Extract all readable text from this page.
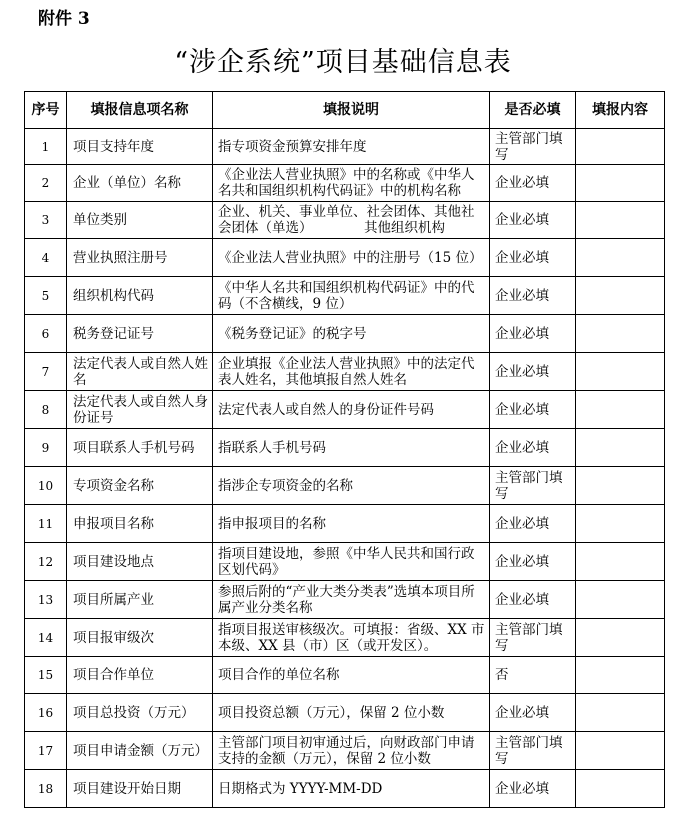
附件 3
“涉企系统”项目基础信息表
序号	填报信息项名称	填报说明	是否必填	填报内容
1	项目支持年度	指专项资金预算安排年度	主管部门填写	
2	企业（单位）名称	《企业法人营业执照》中的名称或《中华人名共和国组织机构代码证》中的机构名称	企业必填	
3	单位类别	企业、机关、事业单位、社会团体、其他社会团体（单选）　　　　 其他组织机构	企业必填	
4	营业执照注册号	《企业法人营业执照》中的注册号（15 位）	企业必填	
5	组织机构代码	《中华人名共和国组织机构代码证》中的代码（不含横线，9 位）	企业必填	
6	税务登记证号	《税务登记证》的税字号	企业必填	
7	法定代表人或自然人姓名	企业填报《企业法人营业执照》中的法定代表人姓名，其他填报自然人姓名	企业必填	
8	法定代表人或自然人身份证号	法定代表人或自然人的身份证件号码	企业必填	
9	项目联系人手机号码	指联系人手机号码	企业必填	
10	专项资金名称	指涉企专项资金的名称	主管部门填写	
11	申报项目名称	指申报项目的名称	企业必填	
12	项目建设地点	指项目建设地，参照《中华人民共和国行政区划代码》	企业必填	
13	项目所属产业	参照后附的“产业大类分类表”选填本项目所属产业分类名称	企业必填	
14	项目报审级次	指项目报送审核级次。可填报：省级、XX 市本级、XX 县（市）区（或开发区）。	主管部门填写	
15	项目合作单位	项目合作的单位名称	否	
16	项目总投资（万元）	项目投资总额（万元），保留 2 位小数	企业必填	
17	项目申请金额（万元）	主管部门项目初审通过后，向财政部门申请支持的金额（万元），保留 2 位小数	主管部门填写	
18	项目建设开始日期	日期格式为 YYYY-MM-DD	企业必填	
